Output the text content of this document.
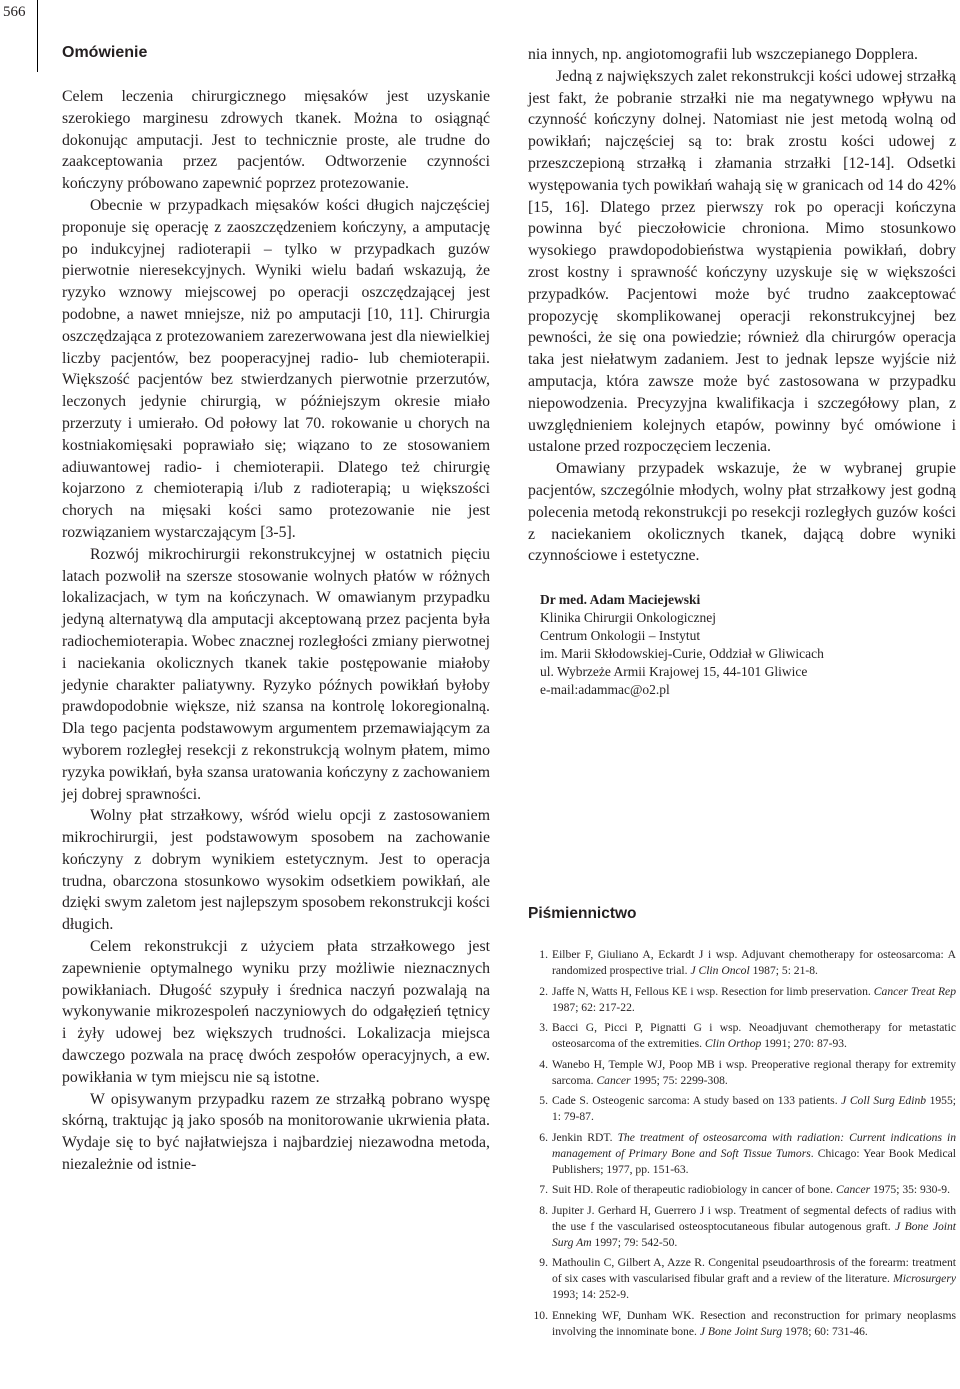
566
Omówienie

Celem leczenia chirurgicznego mięsaków jest uzyskanie szerokiego marginesu zdrowych tkanek. Można to osiągnąć dokonując amputacji. Jest to technicznie proste, ale trudne do zaakceptowania przez pacjentów. Odtworzenie czynności kończyny próbowano zapewnić poprzez protezowanie.

Obecnie w przypadkach mięsaków kości długich najczęściej proponuje się operację z zaoszczędzeniem kończyny, a amputację po indukcyjnej radioterapii – tylko w przypadkach guzów pierwotnie nieresekcyjnych. Wyniki wielu badań wskazują, że ryzyko wznowy miejscowej po operacji oszczędzającej jest podobne, a nawet mniejsze, niż po amputacji [10, 11]. Chirurgia oszczędzająca z protezowaniem zarezerwowana jest dla niewielkiej liczby pacjentów, bez pooperacyjnej radio- lub chemioterapii. Większość pacjentów bez stwierdzanych pierwotnie przerzutów, leczonych jedynie chirurgią, w późniejszym okresie miało przerzuty i umierało. Od połowy lat 70. rokowanie u chorych na kostniakomięsaki poprawiało się; wiązano to ze stosowaniem adiuwantowej radio- i chemioterapii. Dlatego też chirurgię kojarzono z chemioterapią i/lub z radioterapią; u większości chorych na mięsaki kości samo protezowanie nie jest rozwiązaniem wystarczającym [3-5].

Rozwój mikrochirurgii rekonstrukcyjnej w ostatnich pięciu latach pozwolił na szersze stosowanie wolnych płatów w różnych lokalizacjach, w tym na kończynach. W omawianym przypadku jedyną alternatywą dla amputacji akceptowaną przez pacjenta była radiochemioterapia. Wobec znacznej rozległości zmiany pierwotnej i naciekania okolicznych tkanek takie postępowanie miałoby jedynie charakter paliatywny. Ryzyko późnych powikłań byłoby prawdopodobnie większe, niż szansa na kontrolę lokoregionalną. Dla tego pacjenta podstawowym argumentem przemawiającym za wyborem rozległej resekcji z rekonstrukcją wolnym płatem, mimo ryzyka powikłań, była szansa uratowania kończyny z zachowaniem jej dobrej sprawności.

Wolny płat strzałkowy, wśród wielu opcji z zastosowaniem mikrochirurgii, jest podstawowym sposobem na zachowanie kończyny z dobrym wynikiem estetycznym. Jest to operacja trudna, obarczona stosunkowo wysokim odsetkiem powikłań, ale dzięki swym zaletom jest najlepszym sposobem rekonstrukcji kości długich.

Celem rekonstrukcji z użyciem płata strzałkowego jest zapewnienie optymalnego wyniku przy możliwie nieznacznych powikłaniach. Długość szypuły i średnica naczyń pozwalają na wykonywanie mikrozespoleń naczyniowych do odgałęzień tętnicy i żyły udowej bez większych trudności. Lokalizacja miejsca dawczego pozwala na pracę dwóch zespołów operacyjnych, a ew. powikłania w tym miejscu nie są istotne.

W opisywanym przypadku razem ze strzałką pobrano wyspę skórną, traktując ją jako sposób na monitorowanie ukrwienia płata. Wydaje się to być najłatwiejsza i najbardziej niezawodna metoda, niezależnie od istnie-

nia innych, np. angiotomografii lub wszczepianego Dopplera.

Jedną z największych zalet rekonstrukcji kości udowej strzałką jest fakt, że pobranie strzałki nie ma negatywnego wpływu na czynność kończyny dolnej. Natomiast nie jest metodą wolną od powikłań; najczęściej są to: brak zrostu kości udowej z przeszczepioną strzałką i złamania strzałki [12-14]. Odsetki występowania tych powikłań wahają się w granicach od 14 do 42% [15, 16]. Dlatego przez pierwszy rok po operacji kończyna powinna być pieczołowicie chroniona. Mimo stosunkowo wysokiego prawdopodobieństwa wystąpienia powikłań, dobry zrost kostny i sprawność kończyny uzyskuje się w większości przypadków. Pacjentowi może być trudno zaakceptować propozycję skomplikowanej operacji rekonstrukcyjnej bez pewności, że się ona powiedzie; również dla chirurgów operacja taka jest niełatwym zadaniem. Jest to jednak lepsze wyjście niż amputacja, która zawsze może być zastosowana w przypadku niepowodzenia. Precyzyjna kwalifikacja i szczegółowy plan, z uwzględnieniem kolejnych etapów, powinny być omówione i ustalone przed rozpoczęciem leczenia.

Omawiany przypadek wskazuje, że w wybranej grupie pacjentów, szczególnie młodych, wolny płat strzałkowy jest godną polecenia metodą rekonstrukcji po resekcji rozległych guzów kości z naciekaniem okolicznych tkanek, dającą dobre wyniki czynnościowe i estetyczne.

Dr med. Adam Maciejewski
Klinika Chirurgii Onkologicznej
Centrum Onkologii – Instytut
im. Marii Skłodowskiej-Curie, Oddział w Gliwicach
ul. Wybrzeże Armii Krajowej 15, 44-101 Gliwice
e-mail:adammac@o2.pl
Piśmiennictwo
1. Eilber F, Giuliano A, Eckardt J i wsp. Adjuvant chemotherapy for osteosarcoma: A randomized prospective trial. J Clin Oncol 1987; 5: 21-8.
2. Jaffe N, Watts H, Fellous KE i wsp. Resection for limb preservation. Cancer Treat Rep 1987; 62: 217-22.
3. Bacci G, Picci P, Pignatti G i wsp. Neoadjuvant chemotherapy for metastatic osteosarcoma of the extremities. Clin Orthop 1991; 270: 87-93.
4. Wanebo H, Temple WJ, Poop MB i wsp. Preoperative regional therapy for extremity sarcoma. Cancer 1995; 75: 2299-308.
5. Cade S. Osteogenic sarcoma: A study based on 133 patients. J Coll Surg Edinb 1955; 1: 79-87.
6. Jenkin RDT. The treatment of osteosarcoma with radiation: Current indications in management of Primary Bone and Soft Tissue Tumors. Chicago: Year Book Medical Publishers; 1977, pp. 151-63.
7. Suit HD. Role of therapeutic radiobiology in cancer of bone. Cancer 1975; 35: 930-9.
8. Jupiter J. Gerhard H, Guerrero J i wsp. Treatment of segmental defects of radius with the use f the vascularised osteosptocutaneous fibular autogenous graft. J Bone Joint Surg Am 1997; 79: 542-50.
9. Mathoulin C, Gilbert A, Azze R. Congenital pseudoarthrosis of the forearm: treatment of six cases with vascularised fibular graft and a review of the literature. Microsurgery 1993; 14: 252-9.
10. Enneking WF, Dunham WK. Resection and reconstruction for primary neoplasms involving the innominate bone. J Bone Joint Surg 1978; 60: 731-46.
